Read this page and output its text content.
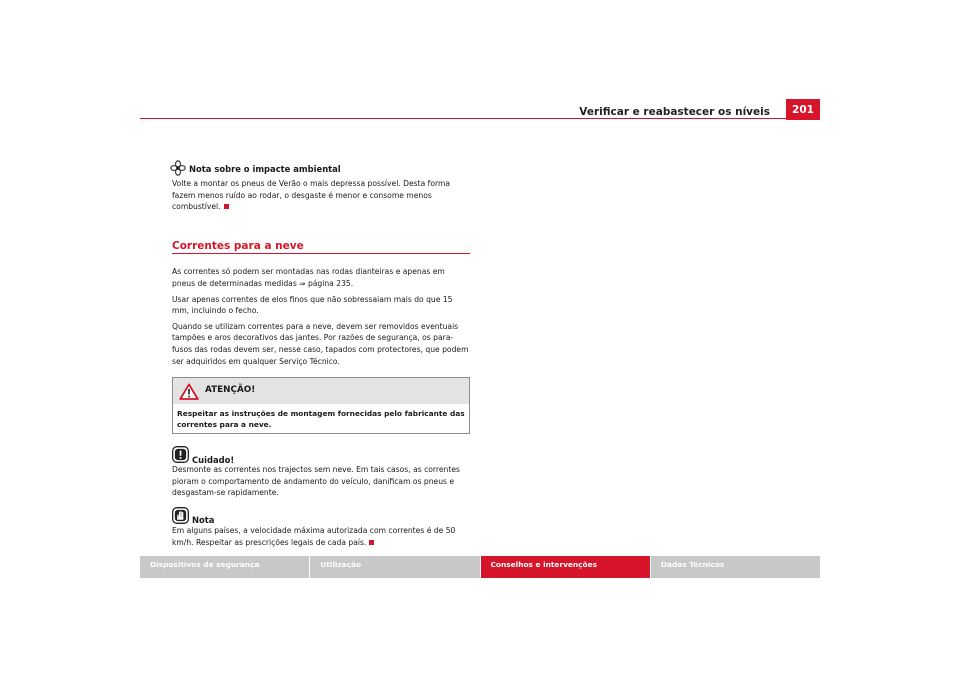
Verificar e reabastecer os níveis	201
Nota sobre o impacte ambiental

Volte a montar os pneus de Verão o mais depressa possível. Desta forma fazem menos ruído ao rodar, o desgaste é menor e consome menos combustível.

Correntes para a neve

As correntes só podem ser montadas nas rodas dianteiras e apenas em pneus de determinadas medidas ⇒ página 235.

Usar apenas correntes de elos finos que não sobressaiam mais do que 15 mm, incluindo o fecho.

Quando se utilizam correntes para a neve, devem ser removidos eventuais tampões e aros decorativos das jantes. Por razões de segurança, os para-fusos das rodas devem ser, nesse caso, tapados com protectores, que podem ser adquiridos em qualquer Serviço Técnico.

ATENÇÃO!
Respeitar as instruções de montagem fornecidas pelo fabricante das correntes para a neve.
Cuidado!

Desmonte as correntes nos trajectos sem neve. Em tais casos, as correntes pioram o comportamento de andamento do veículo, danificam os pneus e desgastam-se rapidamente.

Nota

Em alguns países, a velocidade máxima autorizada com correntes é de 50 km/h. Respeitar as prescrições legais de cada país.

Dispositivos de segurança	Utilização	Conselhos e intervenções	Dados Técnicos
